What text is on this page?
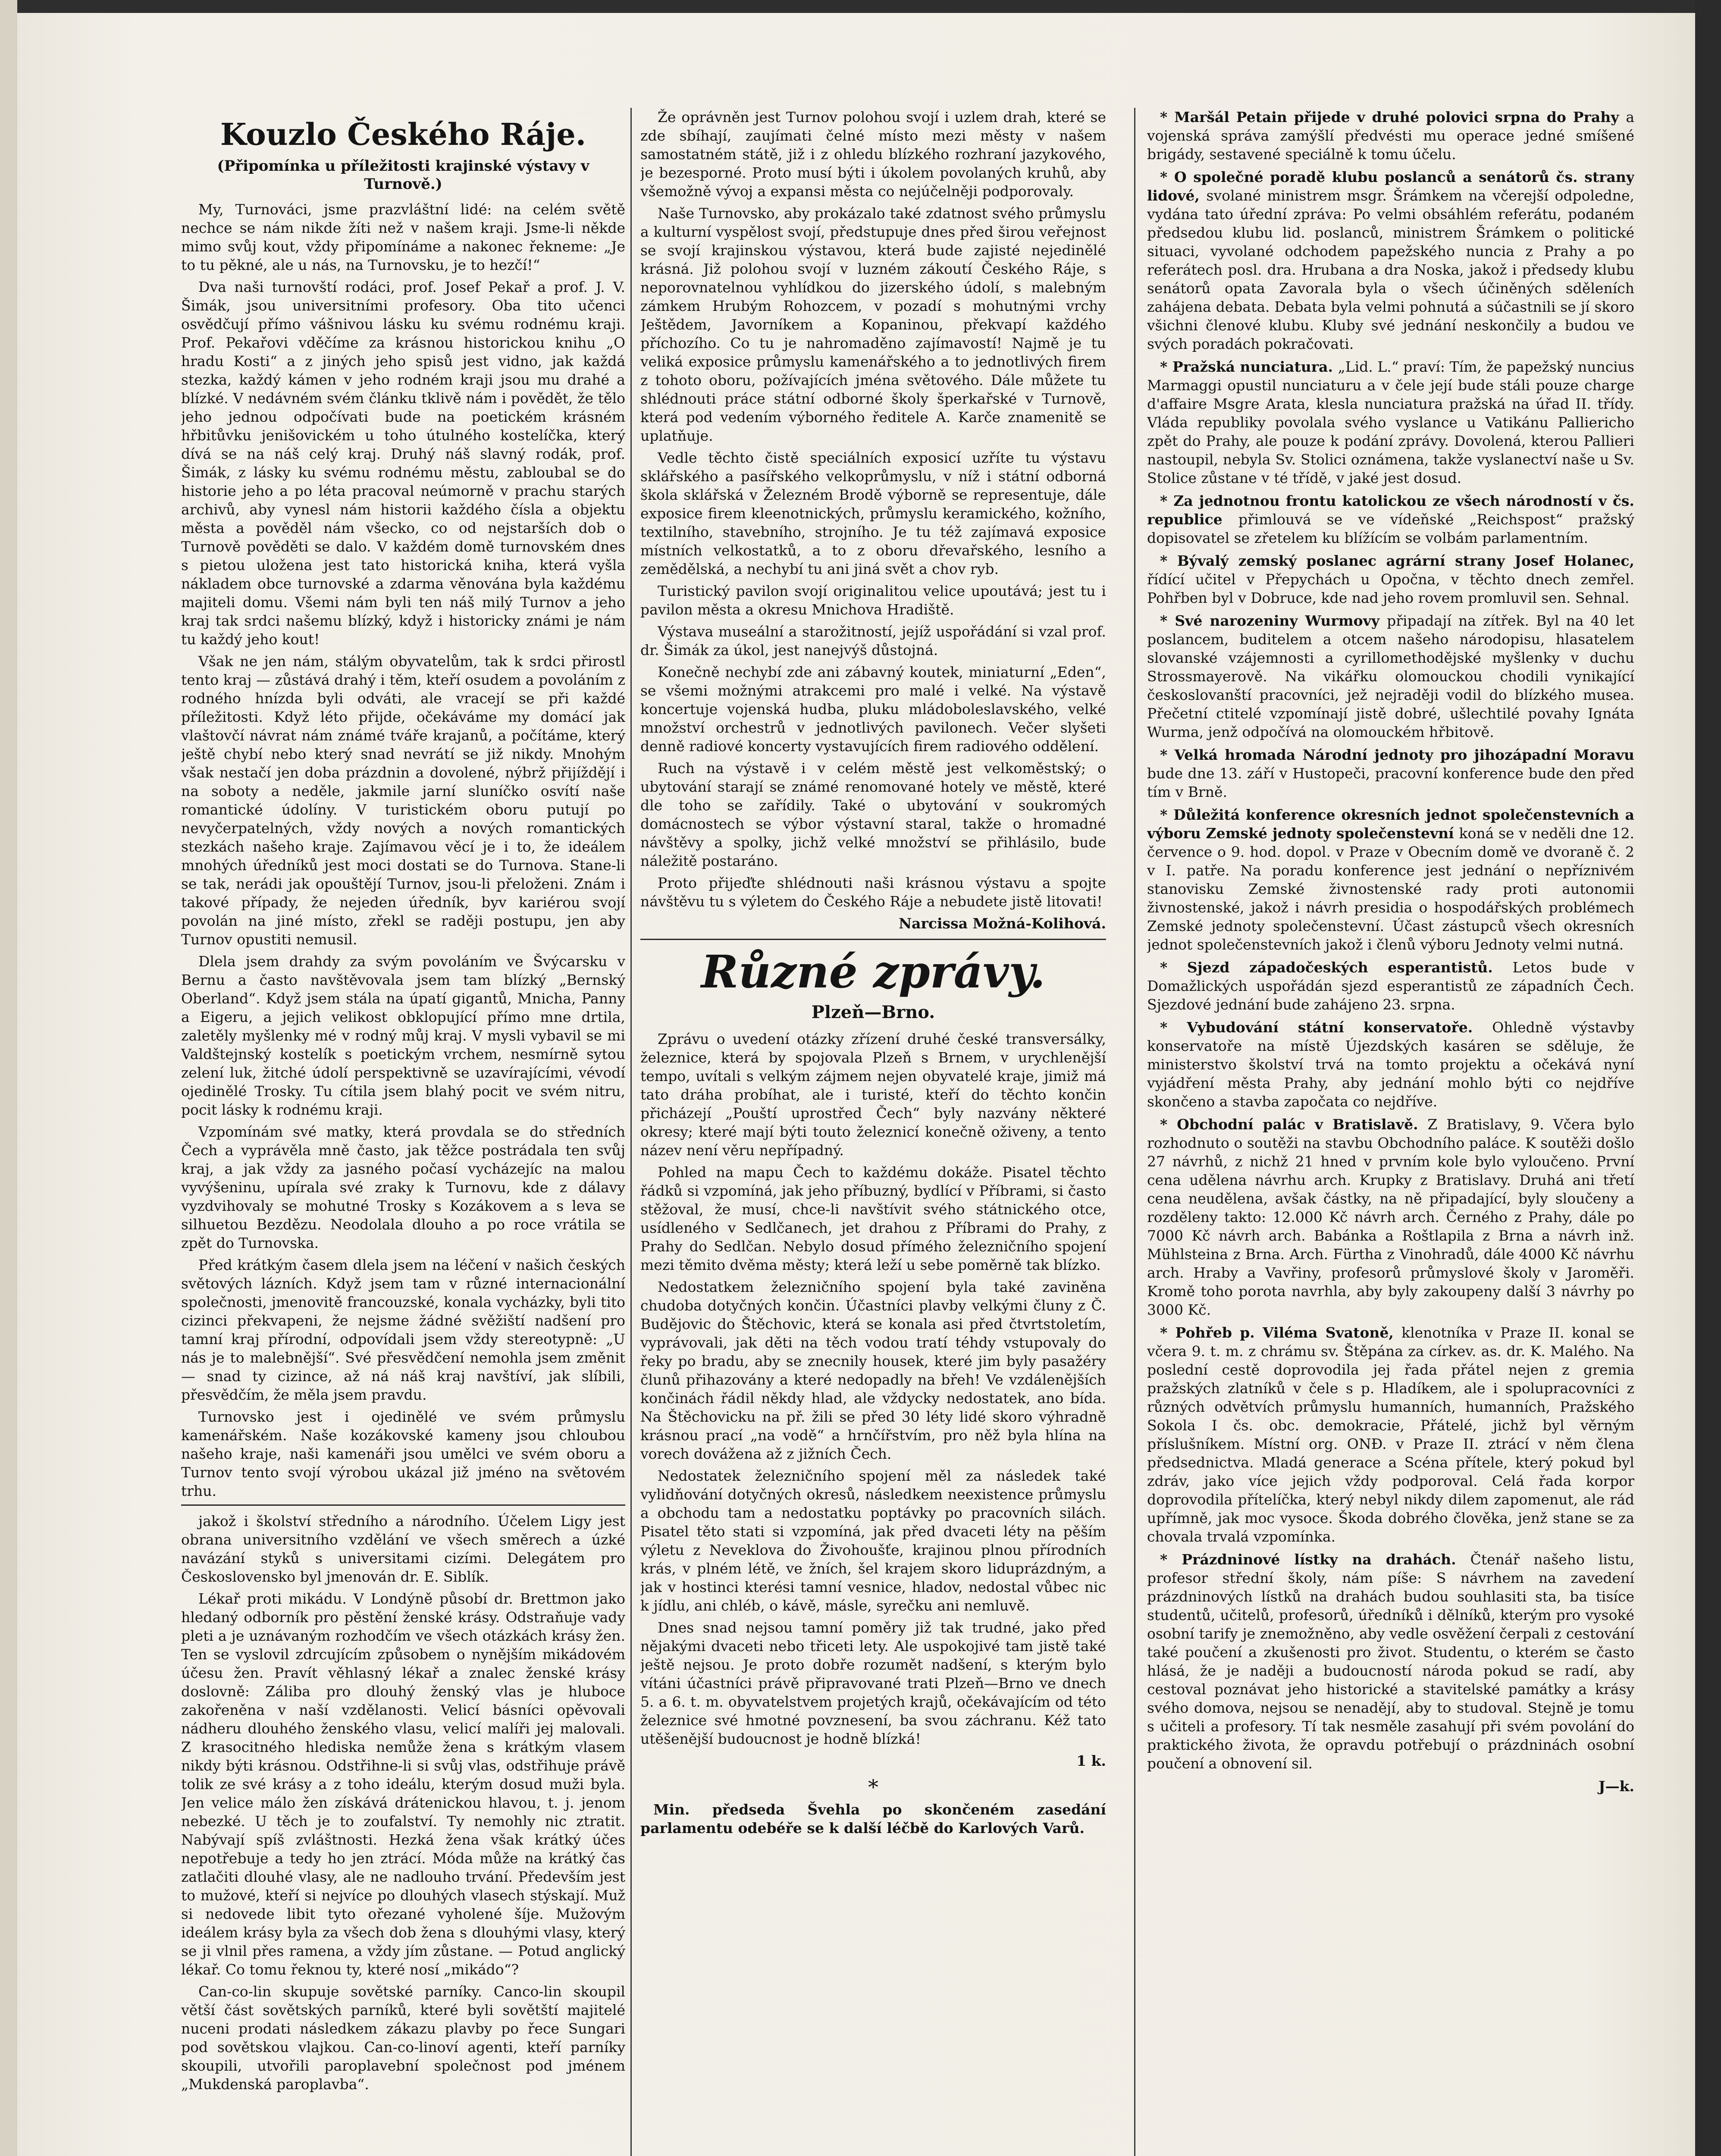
Kouzlo Českého Ráje.
(Připomínka u příležitosti krajinské výstavy v Turnově.)

My, Turnováci, jsme prazvláštní lidé: na celém světě nechce se nám nikde žíti než v našem kraji. Jsme-li někde mimo svůj kout, vždy připomínáme a nakonec řekneme: „Je to tu pěkné, ale u nás, na Turnovsku, je to hezčí!“

Dva naši turnovští rodáci, prof. Josef Pekař a prof. J. V. Šimák, jsou universitními profesory. Oba tito učenci osvědčují přímo vášnivou lásku ku svému rodnému kraji. Prof. Pekařovi vděčíme za krásnou historickou knihu „O hradu Kosti“ a z jiných jeho spisů jest vidno, jak každá stezka, každý kámen v jeho rodném kraji jsou mu drahé a blízké. V nedávném svém článku tklivě nám i povědět, že tělo jeho jednou odpočívati bude na poetickém krásném hřbitůvku jenišovickém u toho útulného kostelíčka, který dívá se na náš celý kraj. Druhý náš slavný rodák, prof. Šimák, z lásky ku svému rodnému městu, zabloubal se do historie jeho a po léta pracoval neúmorně v prachu starých archivů, aby vynesl nám historii každého čísla a objektu města a pověděl nám všecko, co od nejstarších dob o Turnově pověděti se dalo. V každém domě turnovském dnes s pietou uložena jest tato historická kniha, která vyšla nákladem obce turnovské a zdarma věnována byla každému majiteli domu. Všemi nám byli ten náš milý Turnov a jeho kraj tak srdci našemu blízký, když i historicky známi je nám tu každý jeho kout!

Však ne jen nám, stálým obyvatelům, tak k srdci přirostl tento kraj — zůstává drahý i těm, kteří osudem a povoláním z rodného hnízda byli odváti, ale vracejí se při každé příležitosti. Když léto přijde, očekáváme my domácí jak vlaštovčí návrat nám známé tváře krajanů, a počítáme, který ještě chybí nebo který snad nevrátí se již nikdy. Mnohým však nestačí jen doba prázdnin a dovolené, nýbrž přijíždějí i na soboty a neděle, jakmile jarní sluníčko osvítí naše romantické údolíny. V turistickém oboru putují po nevyčerpatelných, vždy nových a nových romantických stezkách našeho kraje. Zajímavou věcí je i to, že ideálem mnohých úředníků jest moci dostati se do Turnova. Stane-li se tak, nerádi jak opouštějí Turnov, jsou-li přeloženi. Znám i takové případy, že nejeden úředník, byv kariérou svojí povolán na jiné místo, zřekl se raději postupu, jen aby Turnov opustiti nemusil.

Dlela jsem drahdy za svým povoláním ve Švýcarsku v Bernu a často navštěvovala jsem tam blízký „Bernský Oberland“. Když jsem stála na úpatí gigantů, Mnicha, Panny a Eigeru, a jejich velikost obklopující přímo mne drtila, zaletěly myšlenky mé v rodný můj kraj. V mysli vybavil se mi Valdštejnský kostelík s poetickým vrchem, nesmírně sytou zelení luk, žitché údolí perspektivně se uzavírajícími, vévodí ojedinělé Trosky. Tu cítila jsem blahý pocit ve svém nitru, pocit lásky k rodnému kraji.

Vzpomínám své matky, která provdala se do středních Čech a vyprávěla mně často, jak těžce postrádala ten svůj kraj, a jak vždy za jasného počasí vycházejíc na malou vyvýšeninu, upírala své zraky k Turnovu, kde z dálavy vyzdvihovaly se mohutné Trosky s Kozákovem a s leva se silhuetou Bezdězu. Neodolala dlouho a po roce vrátila se zpět do Turnovska.

Před krátkým časem dlela jsem na léčení v našich českých světových lázních. Když jsem tam v různé internacionální společnosti, jmenovitě francouzské, konala vycházky, byli tito cizinci překvapeni, že nejsme žádné svěžiští nadšení pro tamní kraj přírodní, odpovídali jsem vždy stereotypně: „U nás je to malebnější“. Své přesvědčení nemohla jsem změnit — snad ty cizince, až ná náš kraj navštíví, jak slíbili, přesvědčím, že měla jsem pravdu.

Turnovsko jest i ojedinělé ve svém průmyslu kamenářském. Naše kozákovské kameny jsou chloubou našeho kraje, naši kamenáři jsou umělci ve svém oboru a Turnov tento svojí výrobou ukázal již jméno na světovém trhu.

jakož i školství středního a národního. Účelem Ligy jest obrana universitního vzdělání ve všech směrech a úzké navázání styků s universitami cizími. Delegátem pro Československo byl jmenován dr. E. Siblík.

Lékař proti mikádu. V Londýně působí dr. Brettmon jako hledaný odborník pro pěstění ženské krásy. Odstraňuje vady pleti a je uznávaným rozhodčím ve všech otázkách krásy žen. Ten se vyslovil zdrcujícím způsobem o nynějším mikádovém účesu žen. Pravít věhlasný lékař a znalec ženské krásy doslovně: Záliba pro dlouhý ženský vlas je hluboce zakořeněna v naší vzdělanosti. Velicí básníci opěvovali nádheru dlouhého ženského vlasu, velicí malíři jej malovali. Z krasocitného hlediska nemůže žena s krátkým vlasem nikdy býti krásnou. Odstřihne-li si svůj vlas, odstřihuje právě tolik ze své krásy a z toho ideálu, kterým dosud muži byla. Jen velice málo žen získává drátenickou hlavou, t. j. jenom nebezké. U těch je to zoufalství. Ty nemohly nic ztratit. Nabývají spíš zvláštnosti. Hezká žena však krátký účes nepotřebuje a tedy ho jen ztrácí. Móda může na krátký čas zatlačiti dlouhé vlasy, ale ne nadlouho trvání. Především jest to mužové, kteří si nejvíce po dlouhých vlasech stýskají. Muž si nedovede libit tyto ořezané vyholené šíje. Mužovým ideálem krásy byla za všech dob žena s dlouhými vlasy, který se ji vlnil přes ramena, a vždy jím zůstane. — Potud anglický lékař. Co tomu řeknou ty, které nosí „mikádo“?

Can-co-lin skupuje sovětské parníky. Canco-lin skoupil větší část sovětských parníků, které byli sovětští majitelé nuceni prodati následkem zákazu plavby po řece Sungari pod sovětskou vlajkou. Can-co-linoví agenti, kteří parníky skoupili, utvořili paroplavební společnost pod jménem „Mukdenská paroplavba“.

Že oprávněn jest Turnov polohou svojí i uzlem drah, které se zde sbíhají, zaujímati čelné místo mezi městy v našem samostatném státě, již i z ohledu blízkého rozhraní jazykového, je bezesporné. Proto musí býti i úkolem povolaných kruhů, aby všemožně vývoj a expansi města co nejúčelněji podporovaly.

Naše Turnovsko, aby prokázalo také zdatnost svého průmyslu a kulturní vyspělost svojí, předstupuje dnes před širou veřejnost se svojí krajinskou výstavou, která bude zajisté nejedinělé krásná. Již polohou svojí v luzném zákoutí Českého Ráje, s neporovnatelnou vyhlídkou do jizerského údolí, s malebným zámkem Hrubým Rohozcem, v pozadí s mohutnými vrchy Ještědem, Javorníkem a Kopaninou, překvapí každého příchozího. Co tu je nahromaděno zajímavostí! Najmě je tu veliká exposice průmyslu kamenářského a to jednotlivých firem z tohoto oboru, požívajících jména světového. Dále můžete tu shlédnouti práce státní odborné školy šperkařské v Turnově, která pod vedením výborného ředitele A. Karče znamenitě se uplatňuje.

Vedle těchto čistě speciálních exposicí uzříte tu výstavu sklářského a pasířského velkoprůmyslu, v níž i státní odborná škola sklářská v Železném Brodě výborně se representuje, dále exposice firem kleenotnických, průmyslu keramického, kožního, textilního, stavebního, strojního. Je tu též zajímavá exposice místních velkostatků, a to z oboru dřevařského, lesního a zemědělská, a nechybí tu ani jiná svět a chov ryb.

Turistický pavilon svojí originalitou velice upoutává; jest tu i pavilon města a okresu Mnichova Hradiště.

Výstava museální a starožitností, jejíž uspořádání si vzal prof. dr. Šimák za úkol, jest nanejvýš důstojná.

Konečně nechybí zde ani zábavný koutek, miniaturní „Eden“, se všemi možnými atrakcemi pro malé i velké. Na výstavě koncertuje vojenská hudba, pluku mládoboleslavského, velké množství orchestrů v jednotlivých pavilonech. Večer slyšeti denně radiové koncerty vystavujících firem radiového oddělení.

Ruch na výstavě i v celém městě jest velkoměstský; o ubytování starají se známé renomované hotely ve městě, které dle toho se zařídily. Také o ubytování v soukromých domácnostech se výbor výstavní staral, takže o hromadné návštěvy a spolky, jichž velké množství se přihlásilo, bude náležitě postaráno.

Proto přijeďte shlédnouti naši krásnou výstavu a spojte návštěvu tu s výletem do Českého Ráje a nebudete jistě litovati!

Narcissa Možná-Kolihová.
Různé zprávy.
Plzeň—Brno.

Zprávu o uvedení otázky zřízení druhé české transversálky, železnice, která by spojovala Plzeň s Brnem, v urychlenější tempo, uvítali s velkým zájmem nejen obyvatelé kraje, jimiž má tato dráha probíhat, ale i turisté, kteří do těchto končin přicházejí „Pouští uprostřed Čech“ byly nazvány některé okresy; které mají býti touto železnicí konečně oživeny, a tento název není věru nepřípadný.

Pohled na mapu Čech to každému dokáže. Pisatel těchto řádků si vzpomíná, jak jeho příbuzný, bydlící v Příbrami, si často stěžoval, že musí, chce-li navštívit svého státnického otce, usídleného v Sedlčanech, jet drahou z Příbrami do Prahy, z Prahy do Sedlčan. Nebylo dosud přímého železničního spojení mezi těmito dvěma městy; která leží u sebe poměrně tak blízko.

Nedostatkem železničního spojení byla také zaviněna chudoba dotyčných končin. Účastníci plavby velkými čluny z Č. Budějovic do Štěchovic, která se konala asi před čtvrtstoletím, vyprávovali, jak děti na těch vodou tratí téhdy vstupovaly do řeky po bradu, aby se znecnily housek, které jim byly pasažéry člunů přihazovány a které nedopadly na břeh! Ve vzdálenějších končinách řádil někdy hlad, ale vždycky nedostatek, ano bída. Na Štěchovicku na př. žili se před 30 léty lidé skoro výhradně krásnou prací „na vodě“ a hrnčířstvím, pro něž byla hlína na vorech dovážena až z jižních Čech.

Nedostatek železničního spojení měl za následek také vylidňování dotyčných okresů, následkem neexistence průmyslu a obchodu tam a nedostatku poptávky po pracovních silách. Pisatel těto stati si vzpomíná, jak před dvaceti léty na pěším výletu z Neveklova do Živohoušťe, krajinou plnou přírodních krás, v plném létě, ve žních, šel krajem skoro liduprázdným, a jak v hostinci kterési tamní vesnice, hladov, nedostal vůbec nic k jídlu, ani chléb, o kávě, másle, syrečku ani nemluvě.

Dnes snad nejsou tamní poměry již tak trudné, jako před nějakými dvaceti nebo třiceti lety. Ale uspokojivé tam jistě také ještě nejsou. Je proto dobře rozumět nadšení, s kterým bylo vítáni účastníci právě připravované trati Plzeň—Brno ve dnech 5. a 6. t. m. obyvatelstvem projetých krajů, očekávajícím od této železnice své hmotné povznesení, ba svou záchranu. Kéž tato utěšenější budoucnost je hodně blízká!

1 k.
*

Min. předseda Švehla po skončeném zasedání parlamentu odebéře se k další léčbě do Karlových Varů.

* Maršál Petain přijede v druhé polovici srpna do Prahy a vojenská správa zamýšlí předvésti mu operace jedné smíšené brigády, sestavené speciálně k tomu účelu.

* O společné poradě klubu poslanců a senátorů čs. strany lidové, svolané ministrem msgr. Šrámkem na včerejší odpoledne, vydána tato úřední zpráva: Po velmi obsáhlém referátu, podaném předsedou klubu lid. poslanců, ministrem Šrámkem o politické situaci, vyvolané odchodem papežského nuncia z Prahy a po referátech posl. dra. Hrubana a dra Noska, jakož i předsedy klubu senátorů opata Zavorala byla o všech účiněných sděleních zahájena debata. Debata byla velmi pohnutá a súčastnili se jí skoro všichni členové klubu. Kluby své jednání neskončily a budou ve svých poradách pokračovati.

* Pražská nunciatura. „Lid. L.“ praví: Tím, že papežský nuncius Marmaggi opustil nunciaturu a v čele její bude stáli pouze charge d'affaire Msgre Arata, klesla nunciatura pražská na úřad II. třídy. Vláda republiky povolala svého vyslance u Vatikánu Palliericho zpět do Prahy, ale pouze k podání zprávy. Dovolená, kterou Pallieri nastoupil, nebyla Sv. Stolici oznámena, takže vyslanectví naše u Sv. Stolice zůstane v té třídě, v jaké jest dosud.

* Za jednotnou frontu katolickou ze všech národností v čs. republice přimlouvá se ve vídeňské „Reichspost“ pražský dopisovatel se zřetelem ku blížícím se volbám parlamentním.

* Bývalý zemský poslanec agrární strany Josef Holanec, řídící učitel v Přepychách u Opočna, v těchto dnech zemřel. Pohřben byl v Dobruce, kde nad jeho rovem promluvil sen. Sehnal.

* Své narozeniny Wurmovy připadají na zítřek. Byl na 40 let poslancem, buditelem a otcem našeho národopisu, hlasatelem slovanské vzájemnosti a cyrillomethodějské myšlenky v duchu Strossmayerově. Na vikářku olomouckou chodili vynikající českoslovanští pracovníci, jež nejraději vodil do blízkého musea. Přečetní ctitelé vzpomínají jistě dobré, ušlechtilé povahy Ignáta Wurma, jenž odpočívá na olomouckém hřbitově.

* Velká hromada Národní jednoty pro jihozápadní Moravu bude dne 13. září v Hustopeči, pracovní konference bude den před tím v Brně.

* Důležitá konference okresních jednot společenstevních a výboru Zemské jednoty společenstevní koná se v neděli dne 12. července o 9. hod. dopol. v Praze v Obecním domě ve dvoraně č. 2 v I. patře. Na poradu konference jest jednání o nepříznivém stanovisku Zemské živnostenské rady proti autonomii živnostenské, jakož i návrh presidia o hospodářských problémech Zemské jednoty společenstevní. Účast zástupců všech okresních jednot společenstevních jakož i členů výboru Jednoty velmi nutná.

* Sjezd západočeských esperantistů. Letos bude v Domažlických uspořádán sjezd esperantistů ze západních Čech. Sjezdové jednání bude zahájeno 23. srpna.

* Vybudování státní konservatoře. Ohledně výstavby konservatoře na místě Újezdských kasáren se sděluje, že ministerstvo školství trvá na tomto projektu a očekává nyní vyjádření města Prahy, aby jednání mohlo býti co nejdříve skončeno a stavba započata co nejdříve.

* Obchodní palác v Bratislavě. Z Bratislavy, 9. Včera bylo rozhodnuto o soutěži na stavbu Obchodního paláce. K soutěži došlo 27 návrhů, z nichž 21 hned v prvním kole bylo vyloučeno. První cena udělena návrhu arch. Krupky z Bratislavy. Druhá ani třetí cena neudělena, avšak částky, na ně připadající, byly sloučeny a rozděleny takto: 12.000 Kč návrh arch. Černého z Prahy, dále po 7000 Kč návrh arch. Babánka a Roštlapila z Brna a návrh inž. Mühlsteina z Brna. Arch. Fürtha z Vinohradů, dále 4000 Kč návrhu arch. Hraby a Vavřiny, profesorů průmyslové školy v Jaroměři. Kromě toho porota navrhla, aby byly zakoupeny další 3 návrhy po 3000 Kč.

* Pohřeb p. Viléma Svatoně, klenotníka v Praze II. konal se včera 9. t. m. z chrámu sv. Štěpána za církev. as. dr. K. Malého. Na poslední cestě doprovodila jej řada přátel nejen z gremia pražských zlatníků v čele s p. Hladíkem, ale i spolupracovníci z různých odvětvích průmyslu humanních, humanních, Pražského Sokola I čs. obc. demokracie, Přátelé, jichž byl věrným příslušníkem. Místní org. ONĐ. v Praze II. ztrácí v něm člena předsednictva. Mladá generace a Scéna přítele, který pokud byl zdráv, jako více jejich vždy podporoval. Celá řada korpor doprovodila přítelíčka, který nebyl nikdy dilem zapomenut, ale rád upřímně, jak moc vysoce. Škoda dobrého člověka, jenž stane se za chovala trvalá vzpomínka.

* Prázdninové lístky na drahách. Čtenář našeho listu, profesor střední školy, nám píše: S návrhem na zavedení prázdninových lístků na drahách budou souhlasiti sta, ba tisíce studentů, učitelů, profesorů, úředníků i dělníků, kterým pro vysoké osobní tarify je znemožněno, aby vedle osvěžení čerpali z cestování také poučení a zkušenosti pro život. Studentu, o kterém se často hlásá, že je naději a budoucností národa pokud se radí, aby cestoval poznávat jeho historické a stavitelské památky a krásy svého domova, nejsou se nenadějí, aby to studoval. Stejně je tomu s učiteli a profesory. Tí tak nesměle zasahují při svém povolání do praktického života, že opravdu potřebují o prázdninách osobní poučení a obnovení sil.

J—k.
